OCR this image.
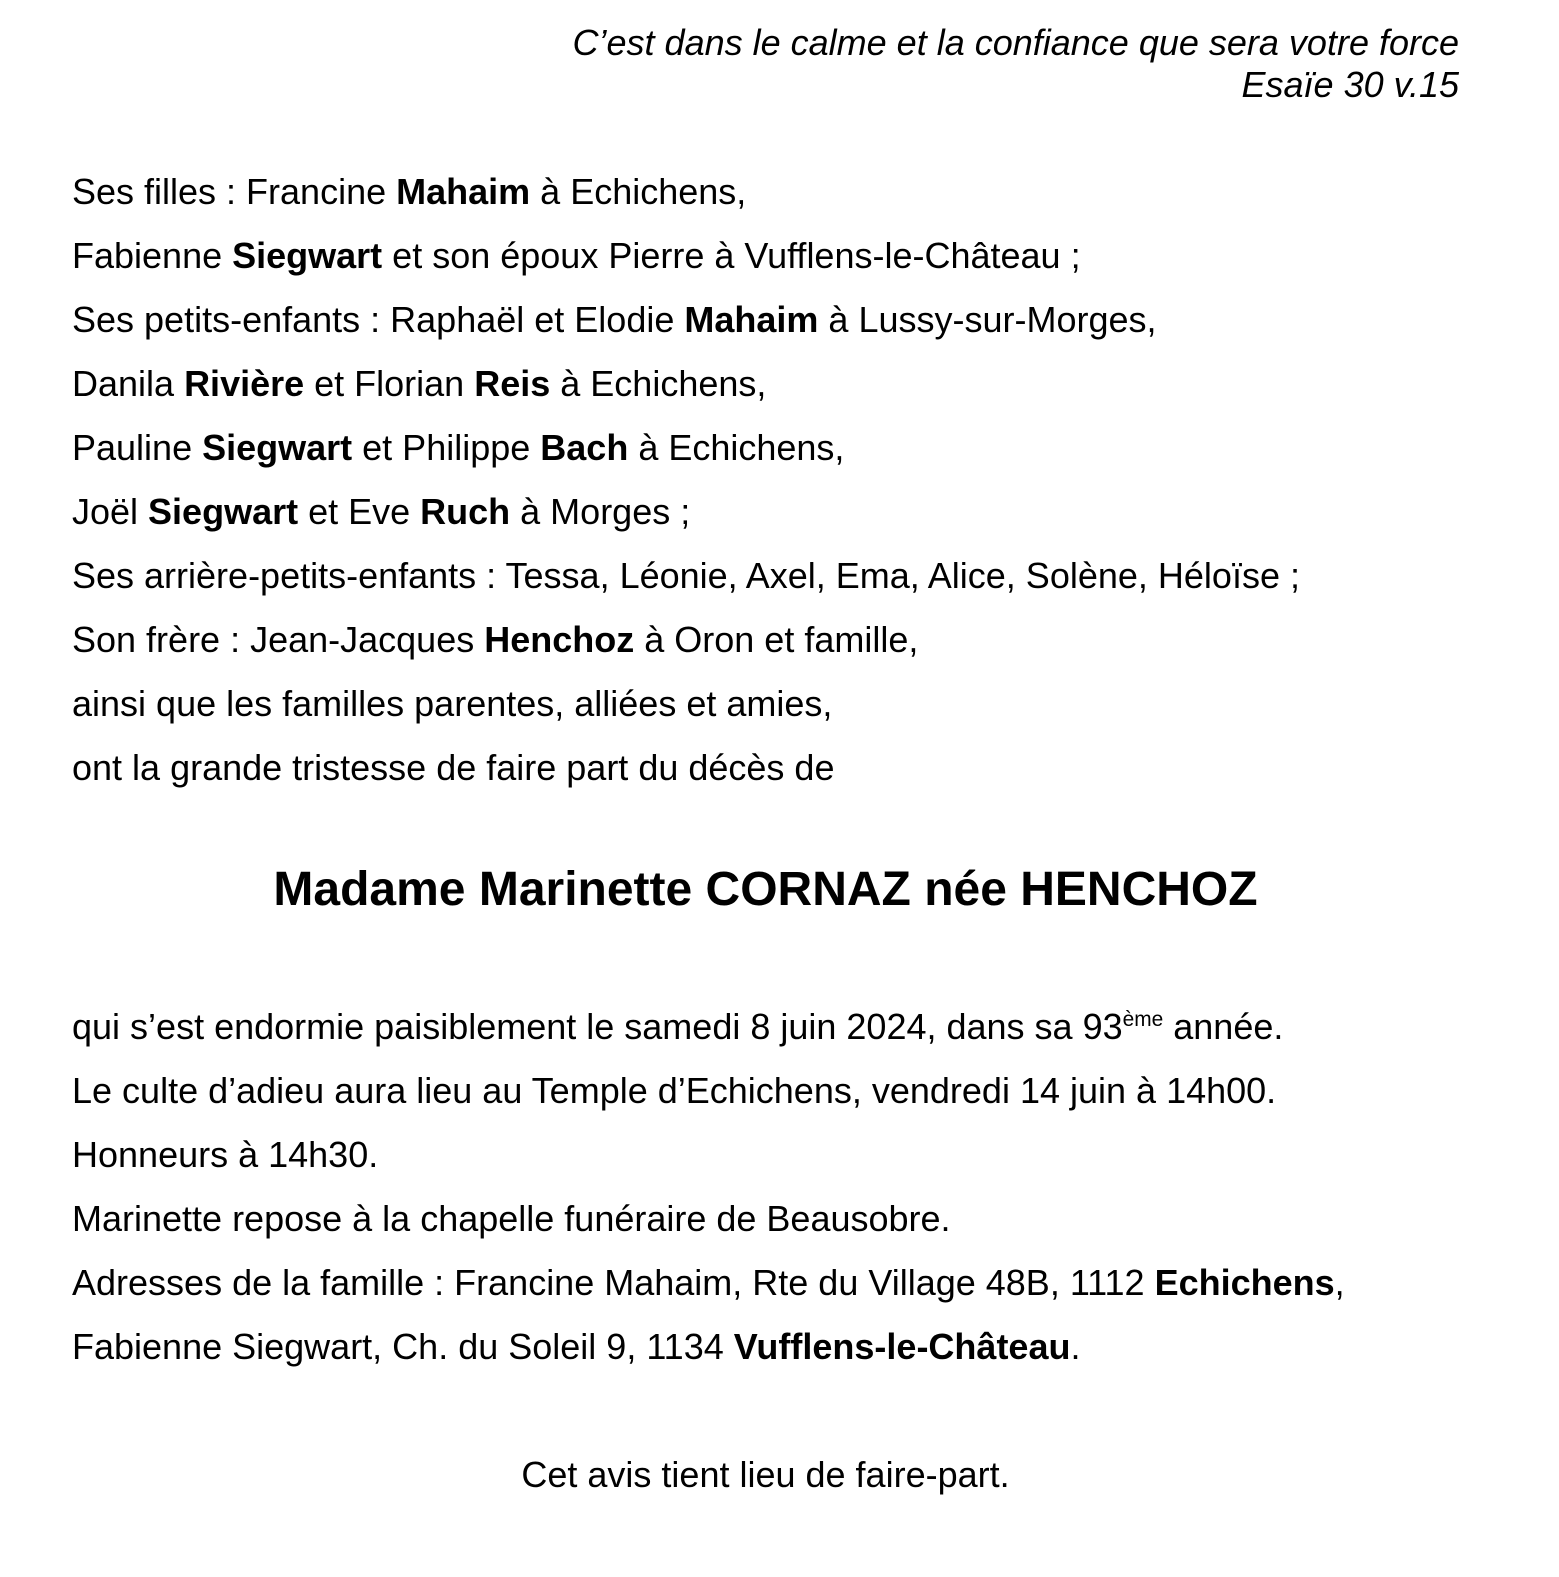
C’est dans le calme et la confiance que sera votre force

Esaïe 30 v.15

Ses filles : Francine Mahaim à Echichens,

Fabienne Siegwart et son époux Pierre à Vufflens-le-Château ;

Ses petits-enfants : Raphaël et Elodie Mahaim à Lussy-sur-Morges,

Danila Rivière et Florian Reis à Echichens,

Pauline Siegwart et Philippe Bach à Echichens,

Joël Siegwart et Eve Ruch à Morges ;

Ses arrière-petits-enfants : Tessa, Léonie, Axel, Ema, Alice, Solène, Héloïse ;

Son frère : Jean-Jacques Henchoz à Oron et famille,

ainsi que les familles parentes, alliées et amies,

ont la grande tristesse de faire part du décès de

Madame Marinette CORNAZ née HENCHOZ

qui s’est endormie paisiblement le samedi 8 juin 2024, dans sa 93ème année.

Le culte d’adieu aura lieu au Temple d’Echichens, vendredi 14 juin à 14h00.

Honneurs à 14h30.

Marinette repose à la chapelle funéraire de Beausobre.

Adresses de la famille : Francine Mahaim, Rte du Village 48B, 1112 Echichens,

Fabienne Siegwart, Ch. du Soleil 9, 1134 Vufflens-le-Château.

Cet avis tient lieu de faire-part.
